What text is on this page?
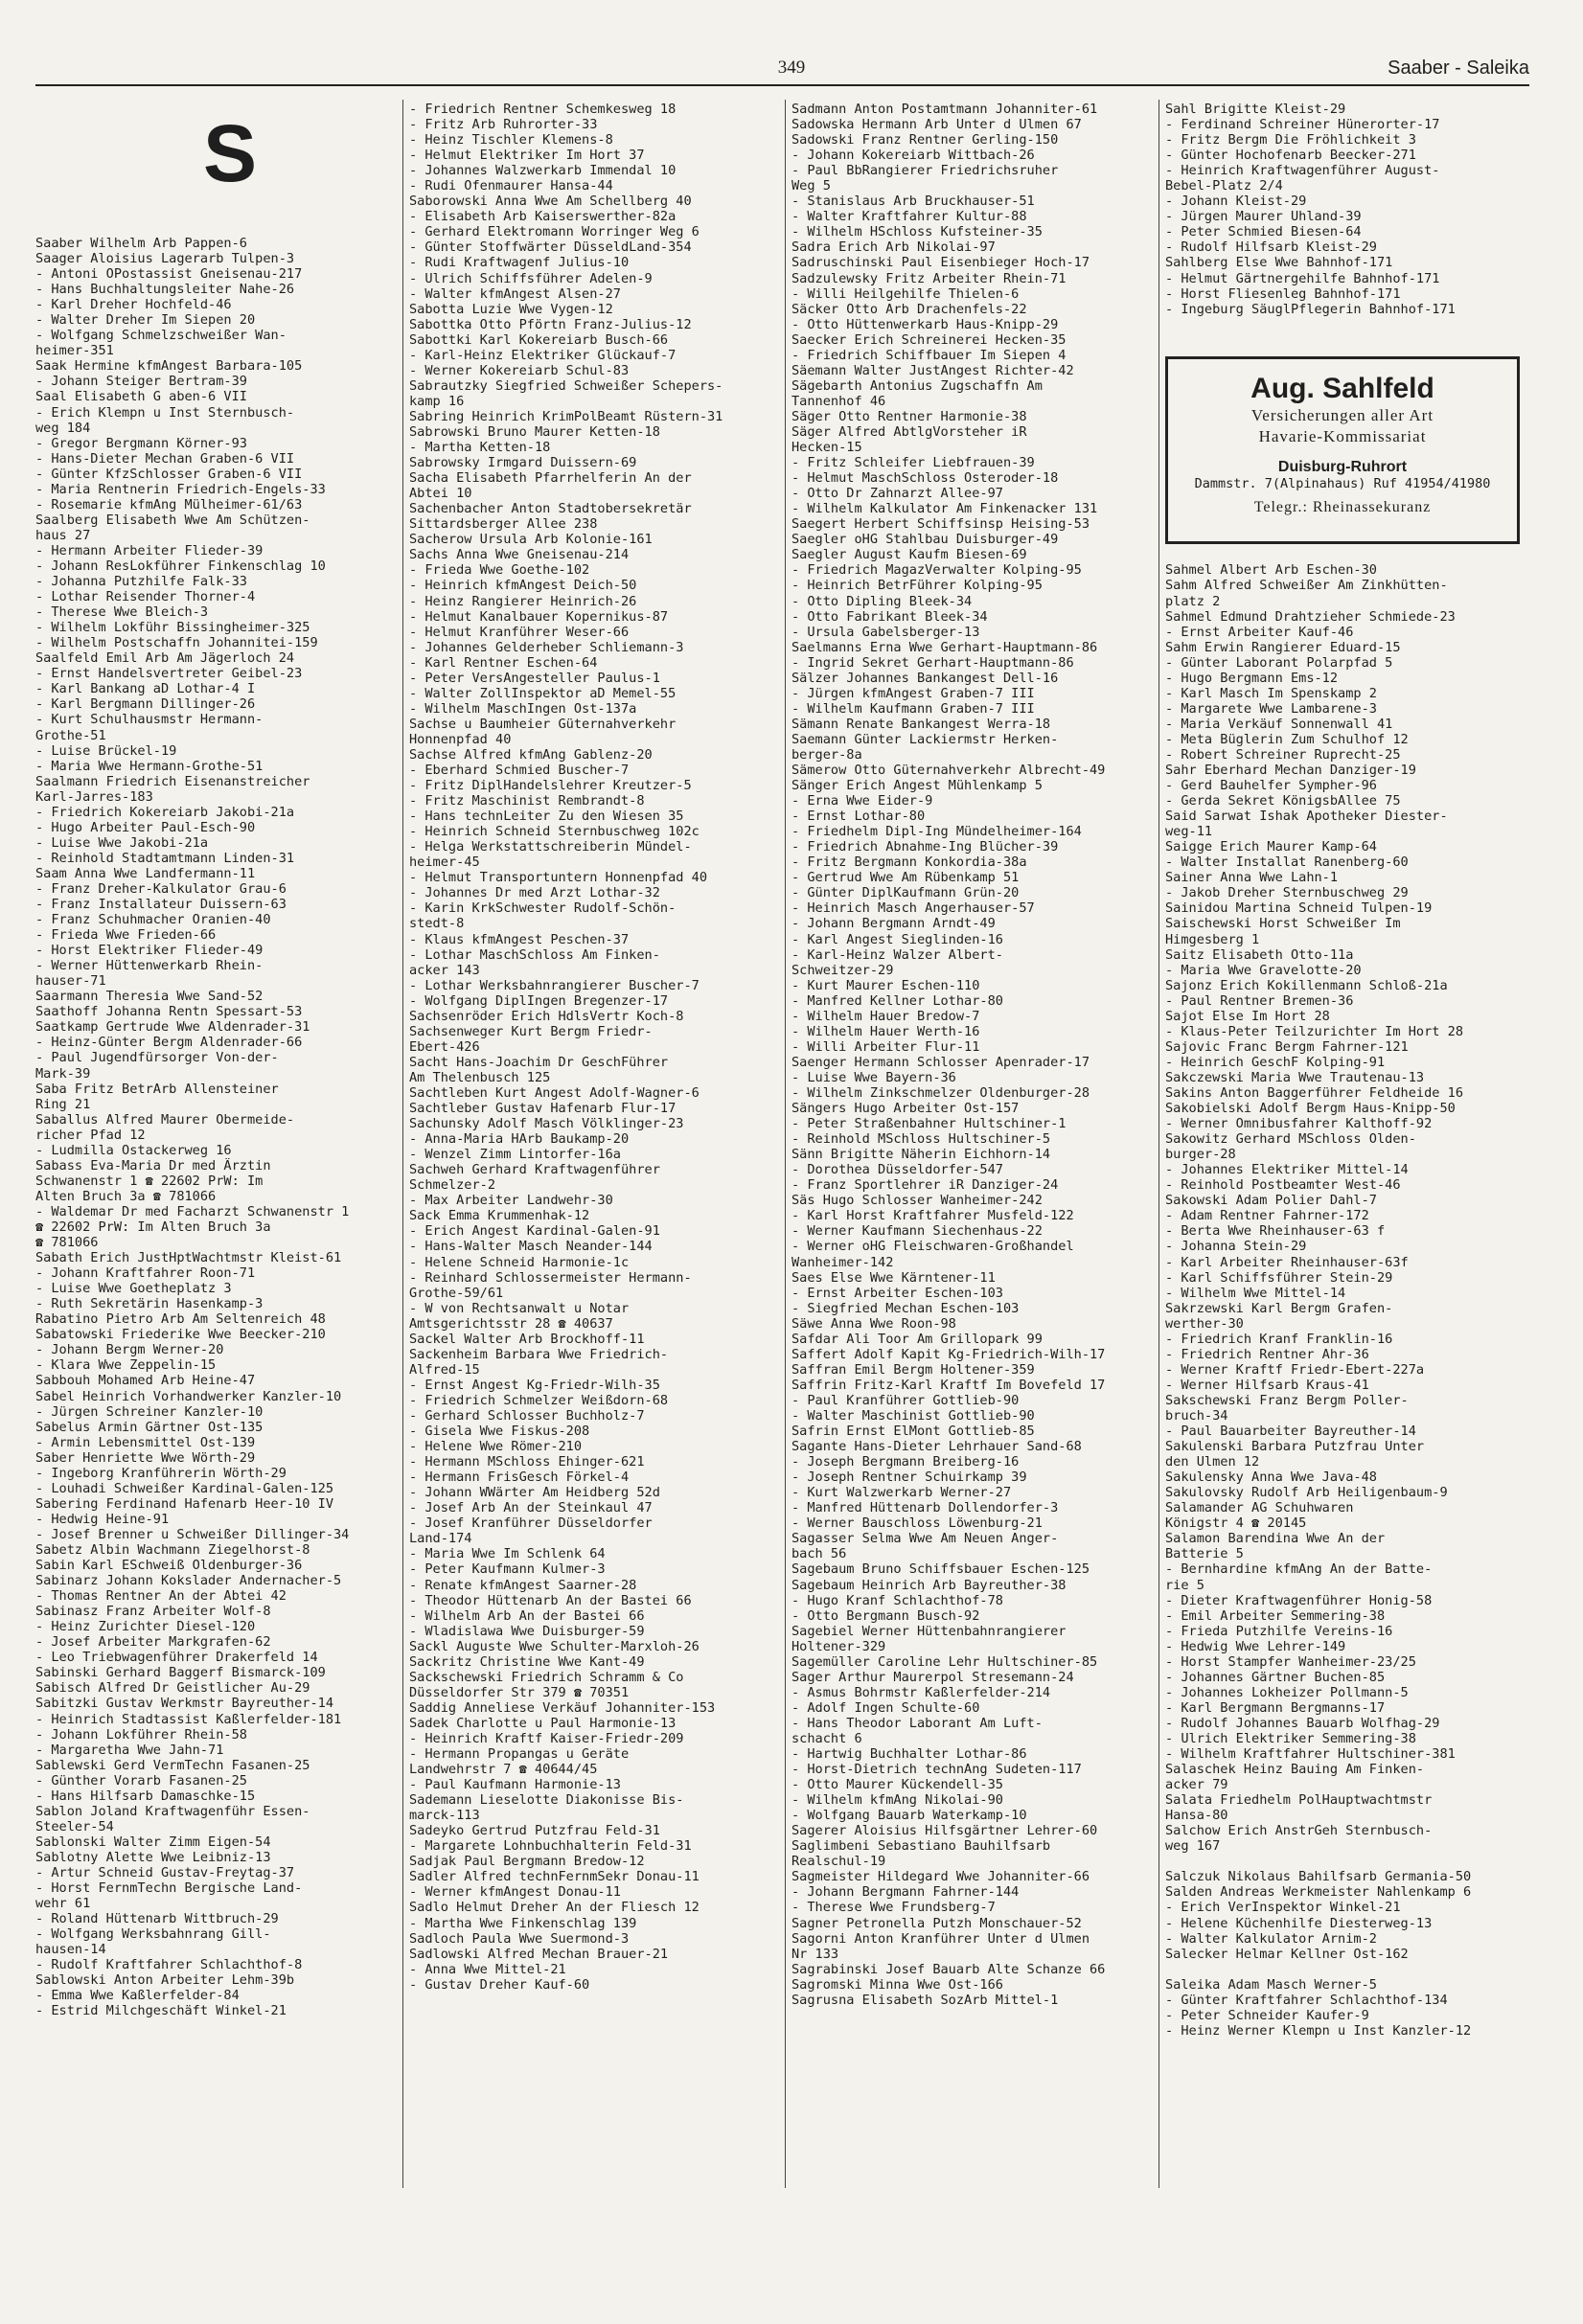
349	Saaber - Saleika
S
Saaber Wilhelm Arb Pappen-6
Saager Aloisius Lagerarb Tulpen-3
- Antoni OPostassist Gneisenau-217
- Hans Buchhaltungsleiter Nahe-26
- Karl Dreher Hochfeld-46
- Walter Dreher Im Siepen 20
- Wolfgang Schmelzschweißer Wan-
heimer-351
Saak Hermine kfmAngest Barbara-105
- Johann Steiger Bertram-39
Saal Elisabeth G aben-6 VII
- Erich Klempn u Inst Sternbusch-
weg 184
- Gregor Bergmann Körner-93
- Hans-Dieter Mechan Graben-6 VII
- Günter KfzSchlosser Graben-6 VII
- Maria Rentnerin Friedrich-Engels-33
- Rosemarie kfmAng Mülheimer-61/63
Saalberg Elisabeth Wwe Am Schützen-
haus 27
- Hermann Arbeiter Flieder-39
- Johann ResLokführer Finkenschlag 10
- Johanna Putzhilfe Falk-33
- Lothar Reisender Thorner-4
- Therese Wwe Bleich-3
- Wilhelm Lokführ Bissingheimer-325
- Wilhelm Postschaffn Johannitei-159
Saalfeld Emil Arb Am Jägerloch 24
- Ernst Handelsvertreter Geibel-23
- Karl Bankang aD Lothar-4 I
- Karl Bergmann Dillinger-26
- Kurt Schulhausmstr Hermann-
Grothe-51
- Luise Brückel-19
- Maria Wwe Hermann-Grothe-51
Saalmann Friedrich Eisenanstreicher
Karl-Jarres-183
- Friedrich Kokereiarb Jakobi-21a
- Hugo Arbeiter Paul-Esch-90
- Luise Wwe Jakobi-21a
- Reinhold Stadtamtmann Linden-31
Saam Anna Wwe Landfermann-11
- Franz Dreher-Kalkulator Grau-6
- Franz Installateur Duissern-63
- Franz Schuhmacher Oranien-40
- Frieda Wwe Frieden-66
- Horst Elektriker Flieder-49
- Werner Hüttenwerkarb Rhein-
hauser-71
Saarmann Theresia Wwe Sand-52
Saathoff Johanna Rentn Spessart-53
Saatkamp Gertrude Wwe Aldenrader-31
- Heinz-Günter Bergm Aldenrader-66
- Paul Jugendfürsorger Von-der-
Mark-39
Saba Fritz BetrArb Allensteiner
Ring 21
Saballus Alfred Maurer Obermeide-
richer Pfad 12
- Ludmilla Ostackerweg 16
Sabass Eva-Maria Dr med Ärztin
Schwanenstr 1 ☎ 22602 PrW: Im
Alten Bruch 3a ☎ 781066
- Waldemar Dr med Facharzt Schwanenstr 1
☎ 22602 PrW: Im Alten Bruch 3a
☎ 781066
Sabath Erich JustHptWachtmstr Kleist-61
- Johann Kraftfahrer Roon-71
- Luise Wwe Goetheplatz 3
- Ruth Sekretärin Hasenkamp-3
Rabatino Pietro Arb Am Seltenreich 48
Sabatowski Friederike Wwe Beecker-210
- Johann Bergm Werner-20
- Klara Wwe Zeppelin-15
Sabbouh Mohamed Arb Heine-47
Sabel Heinrich Vorhandwerker Kanzler-10
- Jürgen Schreiner Kanzler-10
Sabelus Armin Gärtner Ost-135
- Armin Lebensmittel Ost-139
Saber Henriette Wwe Wörth-29
- Ingeborg Kranführerin Wörth-29
- Louhadi Schweißer Kardinal-Galen-125
Sabering Ferdinand Hafenarb Heer-10 IV
- Hedwig Heine-91
- Josef Brenner u Schweißer Dillinger-34
Sabetz Albin Wachmann Ziegelhorst-8
Sabin Karl ESchweiß Oldenburger-36
Sabinarz Johann Kokslader Andernacher-5
- Thomas Rentner An der Abtei 42
Sabinasz Franz Arbeiter Wolf-8
- Heinz Zurichter Diesel-120
- Josef Arbeiter Markgrafen-62
- Leo Triebwagenführer Drakerfeld 14
Sabinski Gerhard Baggerf Bismarck-109
Sabisch Alfred Dr Geistlicher Au-29
Sabitzki Gustav Werkmstr Bayreuther-14
- Heinrich Stadtassist Kaßlerfelder-181
- Johann Lokführer Rhein-58
- Margaretha Wwe Jahn-71
Sablewski Gerd VermTechn Fasanen-25
- Günther Vorarb Fasanen-25
- Hans Hilfsarb Damaschke-15
Sablon Joland Kraftwagenführ Essen-
Steeler-54
Sablonski Walter Zimm Eigen-54
Sablotny Alette Wwe Leibniz-13
- Artur Schneid Gustav-Freytag-37
- Horst FernmTechn Bergische Land-
wehr 61
- Roland Hüttenarb Wittbruch-29
- Wolfgang Werksbahnrang Gill-
hausen-14
- Rudolf Kraftfahrer Schlachthof-8
Sablowski Anton Arbeiter Lehm-39b
- Emma Wwe Kaßlerfelder-84
- Estrid Milchgeschäft Winkel-21
- Friedrich Rentner Schemkesweg 18
- Fritz Arb Ruhrorter-33
- Heinz Tischler Klemens-8
- Helmut Elektriker Im Hort 37
- Johannes Walzwerkarb Immendal 10
- Rudi Ofenmaurer Hansa-44
Saborowski Anna Wwe Am Schellberg 40
- Elisabeth Arb Kaiserswerther-82a
- Gerhard Elektromann Worringer Weg 6
- Günter Stoffwärter DüsseldLand-354
- Rudi Kraftwagenf Julius-10
- Ulrich Schiffsführer Adelen-9
- Walter kfmAngest Alsen-27
Sabotta Luzie Wwe Vygen-12
Sabottka Otto Pförtn Franz-Julius-12
Sabottki Karl Kokereiarb Busch-66
- Karl-Heinz Elektriker Glückauf-7
- Werner Kokereiarb Schul-83
Sabrautzky Siegfried Schweißer Schepers-
kamp 16
Sabring Heinrich KrimPolBeamt Rüstern-31
Sabrowski Bruno Maurer Ketten-18
- Martha Ketten-18
Sabrowsky Irmgard Duissern-69
Sacha Elisabeth Pfarrhelferin An der
Abtei 10
Sachenbacher Anton Stadtobersekretär
Sittardsberger Allee 238
Sacherow Ursula Arb Kolonie-161
Sachs Anna Wwe Gneisenau-214
- Frieda Wwe Goethe-102
- Heinrich kfmAngest Deich-50
- Heinz Rangierer Heinrich-26
- Helmut Kanalbauer Kopernikus-87
- Helmut Kranführer Weser-66
- Johannes Gelderheber Schliemann-3
- Karl Rentner Eschen-64
- Peter VersAngesteller Paulus-1
- Walter ZollInspektor aD Memel-55
- Wilhelm MaschIngen Ost-137a
Sachse u Baumheier Güternahverkehr
Honnenpfad 40
Sachse Alfred kfmAng Gablenz-20
- Eberhard Schmied Buscher-7
- Fritz DiplHandelslehrer Kreutzer-5
- Fritz Maschinist Rembrandt-8
- Hans technLeiter Zu den Wiesen 35
- Heinrich Schneid Sternbuschweg 102c
- Helga Werkstattschreiberin Mündel-
heimer-45
- Helmut Transportuntern Honnenpfad 40
- Johannes Dr med Arzt Lothar-32
- Karin KrkSchwester Rudolf-Schön-
stedt-8
- Klaus kfmAngest Peschen-37
- Lothar MaschSchloss Am Finken-
acker 143
- Lothar Werksbahnrangierer Buscher-7
- Wolfgang DiplIngen Bregenzer-17
Sachsenröder Erich HdlsVertr Koch-8
Sachsenweger Kurt Bergm Friedr-
Ebert-426
Sacht Hans-Joachim Dr GeschFührer
Am Thelenbusch 125
Sachtleben Kurt Angest Adolf-Wagner-6
Sachtleber Gustav Hafenarb Flur-17
Sachunsky Adolf Masch Völklinger-23
- Anna-Maria HArb Baukamp-20
- Wenzel Zimm Lintorfer-16a
Sachweh Gerhard Kraftwagenführer
Schmelzer-2
- Max Arbeiter Landwehr-30
Sack Emma Krummenhak-12
- Erich Angest Kardinal-Galen-91
- Hans-Walter Masch Neander-144
- Helene Schneid Harmonie-1c
- Reinhard Schlossermeister Hermann-
Grothe-59/61
- W von Rechtsanwalt u Notar
Amtsgerichtsstr 28 ☎ 40637
Sackel Walter Arb Brockhoff-11
Sackenheim Barbara Wwe Friedrich-
Alfred-15
- Ernst Angest Kg-Friedr-Wilh-35
- Friedrich Schmelzer Weißdorn-68
- Gerhard Schlosser Buchholz-7
- Gisela Wwe Fiskus-208
- Helene Wwe Römer-210
- Hermann MSchloss Ehinger-621
- Hermann FrisGesch Förkel-4
- Johann WWärter Am Heidberg 52d
- Josef Arb An der Steinkaul 47
- Josef Kranführer Düsseldorfer
Land-174
- Maria Wwe Im Schlenk 64
- Peter Kaufmann Kulmer-3
- Renate kfmAngest Saarner-28
- Theodor Hüttenarb An der Bastei 66
- Wilhelm Arb An der Bastei 66
- Wladislawa Wwe Duisburger-59
Sackl Auguste Wwe Schulter-Marxloh-26
Sackritz Christine Wwe Kant-49
Sackschewski Friedrich Schramm & Co
Düsseldorfer Str 379 ☎ 70351
Saddig Anneliese Verkäuf Johanniter-153
Sadek Charlotte u Paul Harmonie-13
- Heinrich Kraftf Kaiser-Friedr-209
- Hermann Propangas u Geräte
Landwehrstr 7 ☎ 40644/45
- Paul Kaufmann Harmonie-13
Sademann Lieselotte Diakonisse Bis-
marck-113
Sadeyko Gertrud Putzfrau Feld-31
- Margarete Lohnbuchhalterin Feld-31
Sadjak Paul Bergmann Bredow-12
Sadler Alfred technFernmSekr Donau-11
- Werner kfmAngest Donau-11
Sadlo Helmut Dreher An der Fliesch 12
- Martha Wwe Finkenschlag 139
Sadloch Paula Wwe Suermond-3
Sadlowski Alfred Mechan Brauer-21
- Anna Wwe Mittel-21
- Gustav Dreher Kauf-60
Sadmann Anton Postamtmann Johanniter-61
Sadowska Hermann Arb Unter d Ulmen 67
Sadowski Franz Rentner Gerling-150
- Johann Kokereiarb Wittbach-26
- Paul BbRangierer Friedrichsruher
Weg 5
- Stanislaus Arb Bruckhauser-51
- Walter Kraftfahrer Kultur-88
- Wilhelm HSchloss Kufsteiner-35
Sadra Erich Arb Nikolai-97
Sadruschinski Paul Eisenbieger Hoch-17
Sadzulewsky Fritz Arbeiter Rhein-71
- Willi Heilgehilfe Thielen-6
Säcker Otto Arb Drachenfels-22
- Otto Hüttenwerkarb Haus-Knipp-29
Saecker Erich Schreinerei Hecken-35
- Friedrich Schiffbauer Im Siepen 4
Säemann Walter JustAngest Richter-42
Sägebarth Antonius Zugschaffn Am
Tannenhof 46
Säger Otto Rentner Harmonie-38
Säger Alfred AbtlgVorsteher iR
Hecken-15
- Fritz Schleifer Liebfrauen-39
- Helmut MaschSchloss Osteroder-18
- Otto Dr Zahnarzt Allee-97
- Wilhelm Kalkulator Am Finkenacker 131
Saegert Herbert Schiffsinsp Heising-53
Saegler oHG Stahlbau Duisburger-49
Saegler August Kaufm Biesen-69
- Friedrich MagazVerwalter Kolping-95
- Heinrich BetrFührer Kolping-95
- Otto Dipling Bleek-34
- Otto Fabrikant Bleek-34
- Ursula Gabelsberger-13
Saelmanns Erna Wwe Gerhart-Hauptmann-86
- Ingrid Sekret Gerhart-Hauptmann-86
Sälzer Johannes Bankangest Dell-16
- Jürgen kfmAngest Graben-7 III
- Wilhelm Kaufmann Graben-7 III
Sämann Renate Bankangest Werra-18
Saemann Günter Lackiermstr Herken-
berger-8a
Sämerow Otto Güternahverkehr Albrecht-49
Sänger Erich Angest Mühlenkamp 5
- Erna Wwe Eider-9
- Ernst Lothar-80
- Friedhelm Dipl-Ing Mündelheimer-164
- Friedrich Abnahme-Ing Blücher-39
- Fritz Bergmann Konkordia-38a
- Gertrud Wwe Am Rübenkamp 51
- Günter DiplKaufmann Grün-20
- Heinrich Masch Angerhauser-57
- Johann Bergmann Arndt-49
- Karl Angest Sieglinden-16
- Karl-Heinz Walzer Albert-
Schweitzer-29
- Kurt Maurer Eschen-110
- Manfred Kellner Lothar-80
- Wilhelm Hauer Bredow-7
- Wilhelm Hauer Werth-16
- Willi Arbeiter Flur-11
Saenger Hermann Schlosser Apenrader-17
- Luise Wwe Bayern-36
- Wilhelm Zinkschmelzer Oldenburger-28
Sängers Hugo Arbeiter Ost-157
- Peter Straßenbahner Hultschiner-1
- Reinhold MSchloss Hultschiner-5
Sänn Brigitte Näherin Eichhorn-14
- Dorothea Düsseldorfer-547
- Franz Sportlehrer iR Danziger-24
Säs Hugo Schlosser Wanheimer-242
- Karl Horst Kraftfahrer Musfeld-122
- Werner Kaufmann Siechenhaus-22
- Werner oHG Fleischwaren-Großhandel
Wanheimer-142
Saes Else Wwe Kärntener-11
- Ernst Arbeiter Eschen-103
- Siegfried Mechan Eschen-103
Säwe Anna Wwe Roon-98
Safdar Ali Toor Am Grillopark 99
Saffert Adolf Kapit Kg-Friedrich-Wilh-17
Saffran Emil Bergm Holtener-359
Saffrin Fritz-Karl Kraftf Im Bovefeld 17
- Paul Kranführer Gottlieb-90
- Walter Maschinist Gottlieb-90
Safrin Ernst ElMont Gottlieb-85
Sagante Hans-Dieter Lehrhauer Sand-68
- Joseph Bergmann Breiberg-16
- Joseph Rentner Schuirkamp 39
- Kurt Walzwerkarb Werner-27
- Manfred Hüttenarb Dollendorfer-3
- Werner Bauschloss Löwenburg-21
Sagasser Selma Wwe Am Neuen Anger-
bach 56
Sagebaum Bruno Schiffsbauer Eschen-125
Sagebaum Heinrich Arb Bayreuther-38
- Hugo Kranf Schlachthof-78
- Otto Bergmann Busch-92
Sagebiel Werner Hüttenbahnrangierer
Holtener-329
Sagemüller Caroline Lehr Hultschiner-85
Sager Arthur Maurerpol Stresemann-24
- Asmus Bohrmstr Kaßlerfelder-214
- Adolf Ingen Schulte-60
- Hans Theodor Laborant Am Luft-
schacht 6
- Hartwig Buchhalter Lothar-86
- Horst-Dietrich technAng Sudeten-117
- Otto Maurer Kückendell-35
- Wilhelm kfmAng Nikolai-90
- Wolfgang Bauarb Waterkamp-10
Sagerer Aloisius Hilfsgärtner Lehrer-60
Saglimbeni Sebastiano Bauhilfsarb
Realschul-19
Sagmeister Hildegard Wwe Johanniter-66
- Johann Bergmann Fahrner-144
- Therese Wwe Frundsberg-7
Sagner Petronella Putzh Monschauer-52
Sagorni Anton Kranführer Unter d Ulmen
Nr 133
Sagrabinski Josef Bauarb Alte Schanze 66
Sagromski Minna Wwe Ost-166
Sagrusna Elisabeth SozArb Mittel-1
Sahl Brigitte Kleist-29
- Ferdinand Schreiner Hünerorter-17
- Fritz Bergm Die Fröhlichkeit 3
- Günter Hochofenarb Beecker-271
- Heinrich Kraftwagenführer August-
Bebel-Platz 2/4
- Johann Kleist-29
- Jürgen Maurer Uhland-39
- Peter Schmied Biesen-64
- Rudolf Hilfsarb Kleist-29
Sahlberg Else Wwe Bahnhof-171
- Helmut Gärtnergehilfe Bahnhof-171
- Horst Fliesenleg Bahnhof-171
- Ingeburg SäuglPflegerin Bahnhof-171

Sahmel Albert Arb Eschen-30
Sahm Alfred Schweißer Am Zinkhütten-
platz 2
Sahmel Edmund Drahtzieher Schmiede-23
- Ernst Arbeiter Kauf-46
Sahm Erwin Rangierer Eduard-15
- Günter Laborant Polarpfad 5
- Hugo Bergmann Ems-12
- Karl Masch Im Spenskamp 2
- Margarete Wwe Lambarene-3
- Maria Verkäuf Sonnenwall 41
- Meta Büglerin Zum Schulhof 12
- Robert Schreiner Ruprecht-25
Sahr Eberhard Mechan Danziger-19
- Gerd Bauhelfer Sympher-96
- Gerda Sekret KönigsbAllee 75
Said Sarwat Ishak Apotheker Diester-
weg-11
Saigge Erich Maurer Kamp-64
- Walter Installat Ranenberg-60
Sainer Anna Wwe Lahn-1
- Jakob Dreher Sternbuschweg 29
Sainidou Martina Schneid Tulpen-19
Saischewski Horst Schweißer Im
Himgesberg 1
Saitz Elisabeth Otto-11a
- Maria Wwe Gravelotte-20
Sajonz Erich Kokillenmann Schloß-21a
- Paul Rentner Bremen-36
Sajot Else Im Hort 28
- Klaus-Peter Teilzurichter Im Hort 28
Sajovic Franc Bergm Fahrner-121
- Heinrich GeschF Kolping-91
Sakczewski Maria Wwe Trautenau-13
Sakins Anton Baggerführer Feldheide 16
Sakobielski Adolf Bergm Haus-Knipp-50
- Werner Omnibusfahrer Kalthoff-92
Sakowitz Gerhard MSchloss Olden-
burger-28
- Johannes Elektriker Mittel-14
- Reinhold Postbeamter West-46
Sakowski Adam Polier Dahl-7
- Adam Rentner Fahrner-172
- Berta Wwe Rheinhauser-63 f
- Johanna Stein-29
- Karl Arbeiter Rheinhauser-63f
- Karl Schiffsführer Stein-29
- Wilhelm Wwe Mittel-14
Sakrzewski Karl Bergm Grafen-
werther-30
- Friedrich Kranf Franklin-16
- Friedrich Rentner Ahr-36
- Werner Kraftf Friedr-Ebert-227a
- Werner Hilfsarb Kraus-41
Sakschewski Franz Bergm Poller-
bruch-34
- Paul Bauarbeiter Bayreuther-14
Sakulenski Barbara Putzfrau Unter
den Ulmen 12
Sakulensky Anna Wwe Java-48
Sakulovsky Rudolf Arb Heiligenbaum-9
Salamander AG Schuhwaren
Königstr 4 ☎ 20145
Salamon Barendina Wwe An der
Batterie 5
- Bernhardine kfmAng An der Batte-
rie 5
- Dieter Kraftwagenführer Honig-58
- Emil Arbeiter Semmering-38
- Frieda Putzhilfe Vereins-16
- Hedwig Wwe Lehrer-149
- Horst Stampfer Wanheimer-23/25
- Johannes Gärtner Buchen-85
- Johannes Lokheizer Pollmann-5
- Karl Bergmann Bergmanns-17
- Rudolf Johannes Bauarb Wolfhag-29
- Ulrich Elektriker Semmering-38
- Wilhelm Kraftfahrer Hultschiner-381
Salaschek Heinz Bauing Am Finken-
acker 79
Salata Friedhelm PolHauptwachtmstr
Hansa-80
Salchow Erich AnstrGeh Sternbusch-
weg 167

Salczuk Nikolaus Bahilfsarb Germania-50
Salden Andreas Werkmeister Nahlenkamp 6
- Erich VerInspektor Winkel-21
- Helene Küchenhilfe Diesterweg-13
- Walter Kalkulator Arnim-2
Salecker Helmar Kellner Ost-162

Saleika Adam Masch Werner-5
- Günter Kraftfahrer Schlachthof-134
- Peter Schneider Kaufer-9
- Heinz Werner Klempn u Inst Kanzler-12
Aug. Sahlfeld
Versicherungen aller Art
Havarie-Kommissariat
Duisburg-Ruhrort
Dammstr. 7(Alpinahaus) Ruf 41954/41980
Telegr.: Rheinassekuranz
